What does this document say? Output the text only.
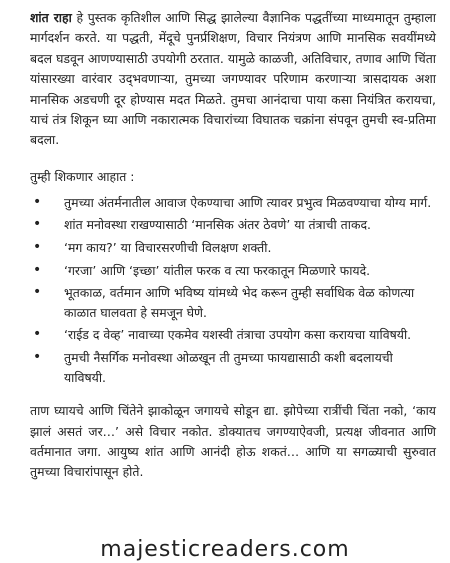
शांत राहा हे पुस्तक कृतिशील आणि सिद्ध झालेल्या वैज्ञानिक पद्धतींच्या माध्यमातून तुम्हाला मार्गदर्शन करते. या पद्धती, मेंदूचे पुनर्प्रशिक्षण, विचार नियंत्रण आणि मानसिक सवयींमध्ये बदल घडवून आणण्यासाठी उपयोगी ठरतात. यामुळे काळजी, अतिविचार, तणाव आणि चिंता यांसारख्या वारंवार उद्‌भवणाऱ्या, तुमच्या जगण्यावर परिणाम करणाऱ्या त्रासदायक अशा मानसिक अडचणी दूर होण्यास मदत मिळते. तुमचा आनंदाचा पाया कसा नियंत्रित करायचा, याचं तंत्र शिकून घ्या आणि नकारात्मक विचारांच्या विघातक चक्रांना संपवून तुमची स्व-प्रतिमा बदला.

तुम्ही शिकणार आहात :

• तुमच्या अंतर्मनातील आवाज ऐकण्याचा आणि त्यावर प्रभुत्व मिळवण्याचा योग्य मार्ग.
• शांत मनोवस्था राखण्यासाठी ‘मानसिक अंतर ठेवणे’ या तंत्राची ताकद.
• ‘मग काय?’ या विचारसरणीची विलक्षण शक्ती.
• ‘गरजा’ आणि ‘इच्छा’ यांतील फरक व त्या फरकातून मिळणारे फायदे.
• भूतकाळ, वर्तमान आणि भविष्य यांमध्ये भेद करून तुम्ही सर्वाधिक वेळ कोणत्या काळात घालवता हे समजून घेणे.
• ‘राईड द वेव्ह’ नावाच्या एकमेव यशस्वी तंत्राचा उपयोग कसा करायचा याविषयी.
• तुमची नैसर्गिक मनोवस्था ओळखून ती तुमच्या फायद्यासाठी कशी बदलायची याविषयी.

ताण घ्यायचे आणि चिंतेने झाकोळून जगायचे सोडून द्या. झोपेच्या रात्रींची चिंता नको, ‘काय झालं असतं जर…’ असे विचार नकोत. डोक्यातच जगण्याऐवजी, प्रत्यक्ष जीवनात आणि वर्तमानात जगा. आयुष्य शांत आणि आनंदी होऊ शकतं… आणि या सगळ्याची सुरुवात तुमच्या विचारांपासून होते.

majesticreaders.com
